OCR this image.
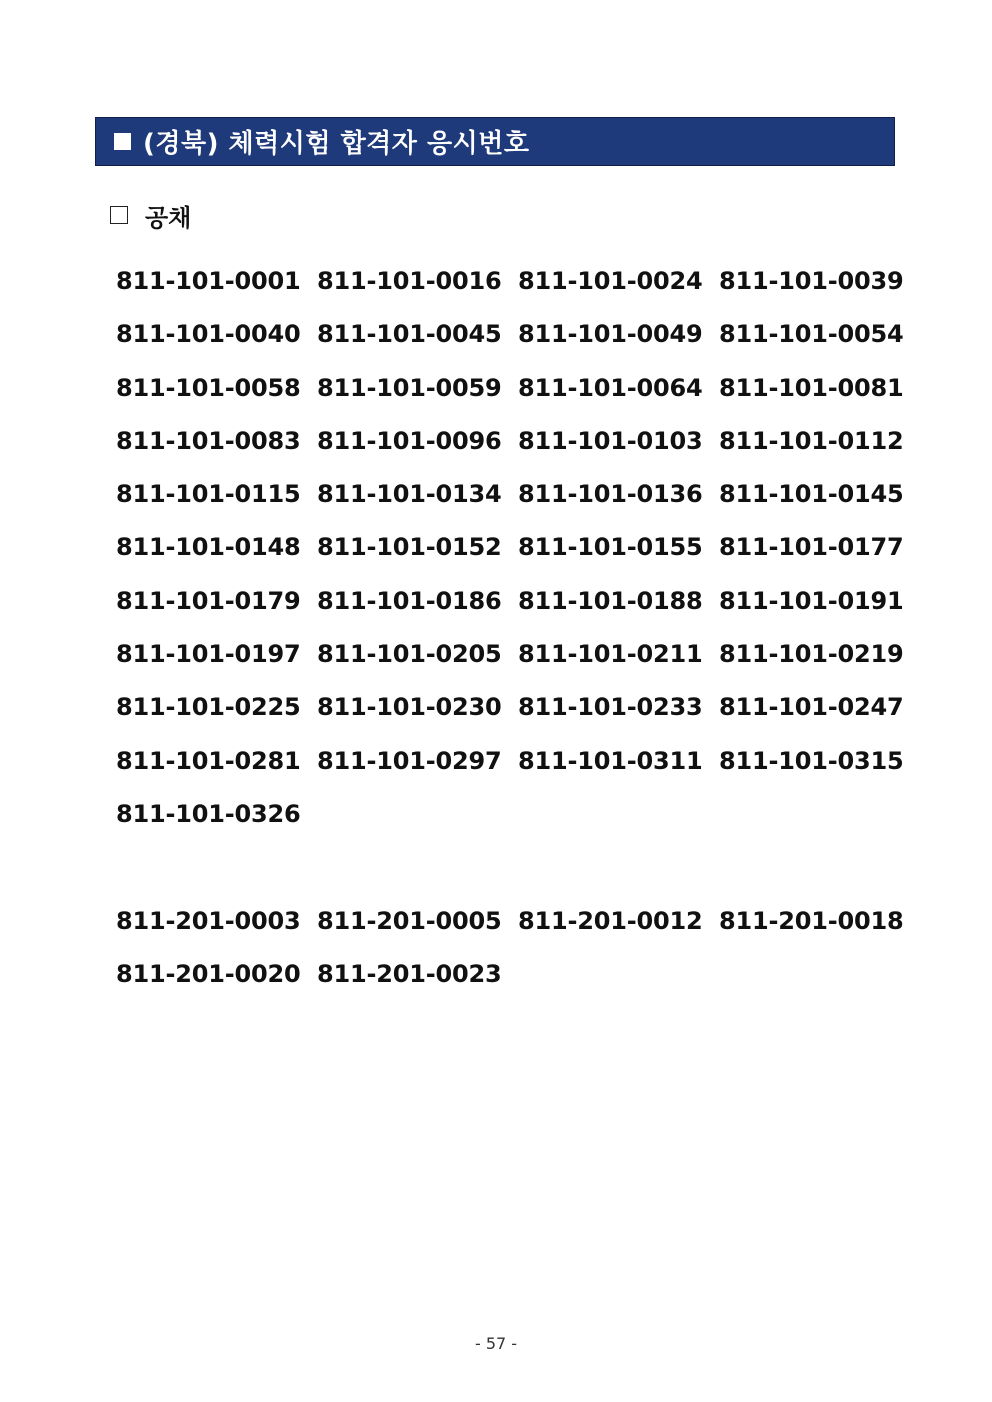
(경북) 체력시험 합격자 응시번호
공채
811-101-0001 811-101-0016 811-101-0024 811-101-0039
811-101-0040 811-101-0045 811-101-0049 811-101-0054
811-101-0058 811-101-0059 811-101-0064 811-101-0081
811-101-0083 811-101-0096 811-101-0103 811-101-0112
811-101-0115 811-101-0134 811-101-0136 811-101-0145
811-101-0148 811-101-0152 811-101-0155 811-101-0177
811-101-0179 811-101-0186 811-101-0188 811-101-0191
811-101-0197 811-101-0205 811-101-0211 811-101-0219
811-101-0225 811-101-0230 811-101-0233 811-101-0247
811-101-0281 811-101-0297 811-101-0311 811-101-0315
811-101-0326
811-201-0003 811-201-0005 811-201-0012 811-201-0018
811-201-0020 811-201-0023
- 57 -
